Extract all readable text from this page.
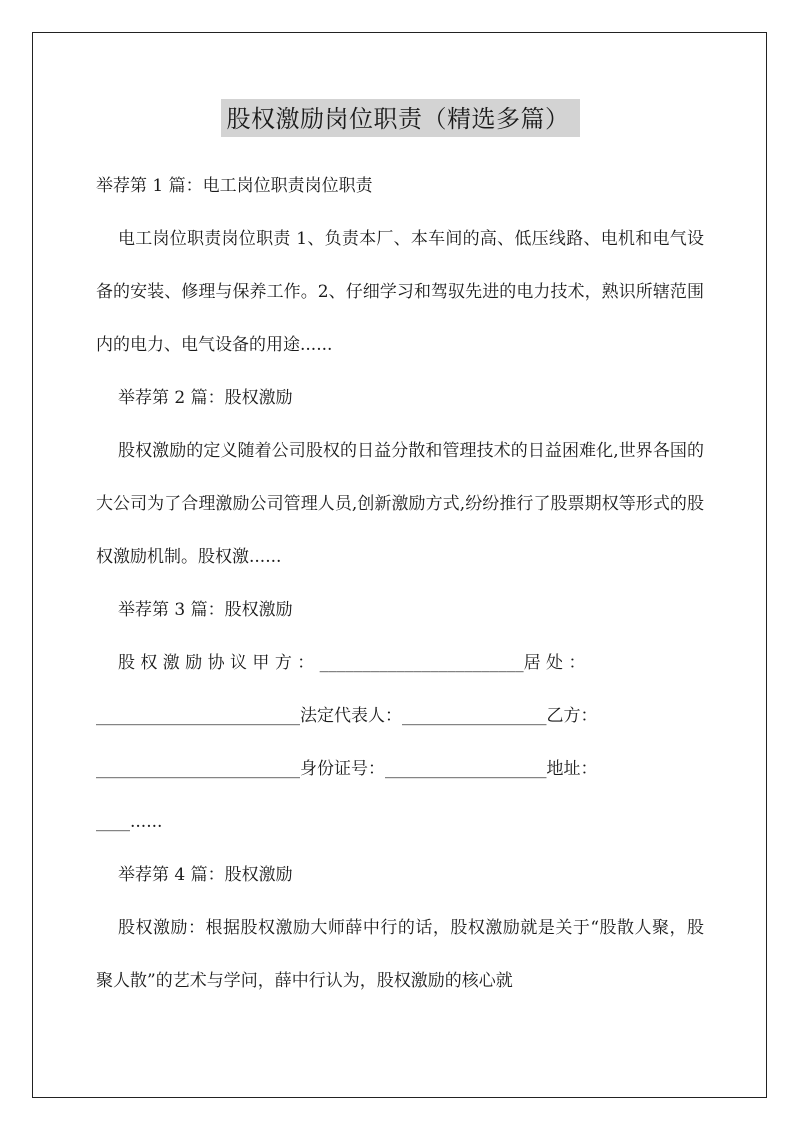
股权激励岗位职责（精选多篇）

举荐第 1 篇：电工岗位职责岗位职责

电工岗位职责岗位职责 1、负责本厂、本车间的高、低压线路、电机和电气设备的安装、修理与保养工作。2、仔细学习和驾驭先进的电力技术，熟识所辖范围内的电力、电气设备的用途......

举荐第 2 篇：股权激励

股权激励的定义随着公司股权的日益分散和管理技术的日益困难化,世界各国的大公司为了合理激励公司管理人员,创新激励方式,纷纷推行了股票期权等形式的股权激励机制。股权激......

举荐第 3 篇：股权激励

股 权 激 励 协 议 甲 方 ： ________________________居 处 ：

________________________法定代表人：_________________乙方：

________________________身份证号：___________________地址：

____......

举荐第 4 篇：股权激励

股权激励：根据股权激励大师薛中行的话，股权激励就是关于“股散人聚，股聚人散”的艺术与学问，薛中行认为，股权激励的核心就
